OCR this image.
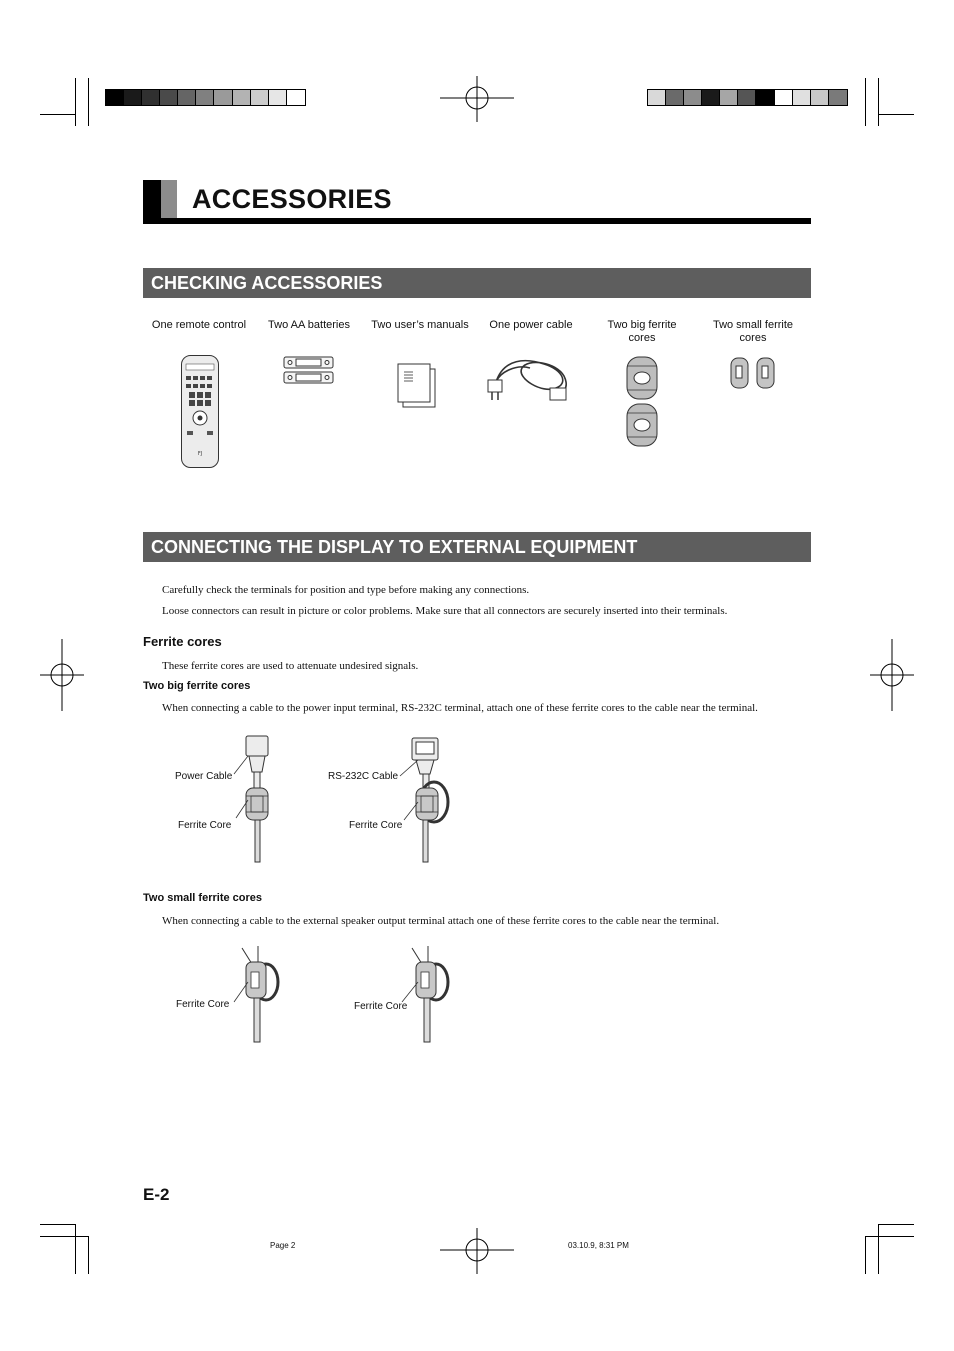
ACCESSORIES
CHECKING ACCESSORIES
One remote control	Two AA batteries	Two user’s manuals	One power cable	Two big ferrite cores
Two small ferrite cores
FJ
CONNECTING THE DISPLAY TO EXTERNAL EQUIPMENT
Carefully check the terminals for position and type before making any connections.
Loose connectors can result in picture or color problems. Make sure that all connectors are securely inserted into their terminals.
Ferrite cores
These ferrite cores are used to attenuate undesired signals.
Two big ferrite cores
When connecting a cable to the power input terminal, RS-232C terminal, attach one of these ferrite cores to the cable near the terminal.
Power Cable
Ferrite Core
RS-232C Cable
Ferrite Core
Two small ferrite cores
When connecting a cable to the external speaker output terminal attach one of these ferrite cores to the cable near the terminal.
Ferrite Core	Ferrite Core
E-2
Page 2	03.10.9, 8:31 PM
